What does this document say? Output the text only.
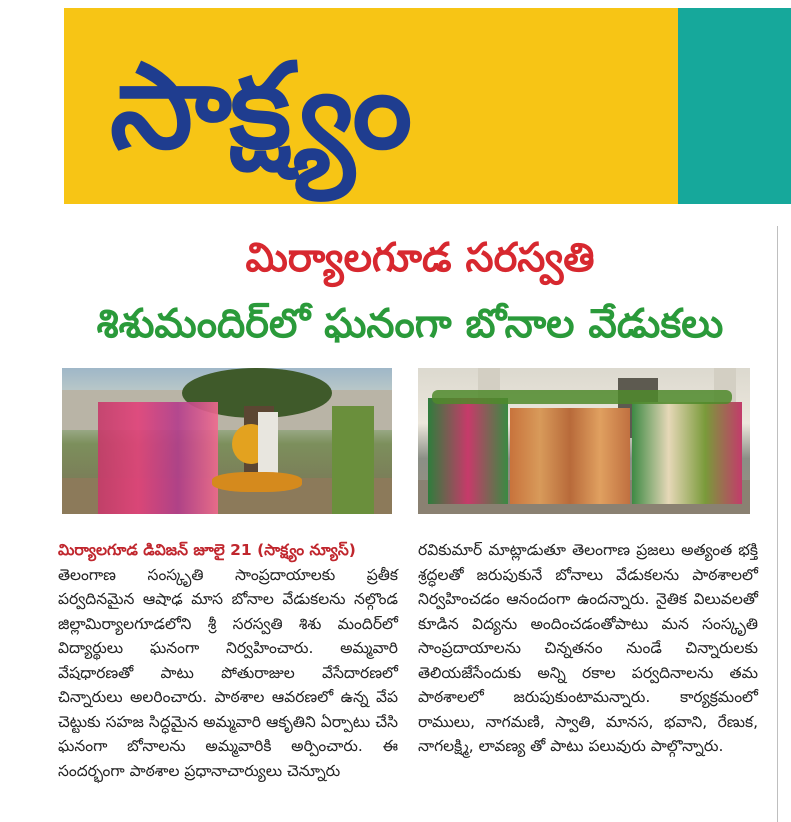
సాక్ష్యం
మిర్యాలగూడ సరస్వతి
శిశుమందిర్‌లో ఘనంగా బోనాల వేడుకలు
మిర్యాలగూడ డివిజన్ జూలై 21 (సాక్ష్యం న్యూస్)
తెలంగాణ సంస్కృతి సాంప్రదాయాలకు ప్రతీక పర్వదినమైన ఆషాఢ మాస బోనాల వేడుకలను నల్గొండ జిల్లామిర్యాలగూడలోని శ్రీ సరస్వతి శిశు మందిర్‌లో విద్యార్థులు ఘనంగా నిర్వహించారు. అమ్మవారి వేషధారణతో పాటు పోతురాజుల వేసేదారణలో చిన్నారులు అలరించారు. పాఠశాల ఆవరణలో ఉన్న వేప చెట్టుకు సహజ సిద్ధమైన అమ్మవారి ఆకృతిని ఏర్పాటు చేసి ఘనంగా బోనాలను అమ్మవారికి అర్పించారు. ఈ సందర్భంగా పాఠశాల ప్రధానాచార్యులు చెన్నూరు
రవికుమార్ మాట్లాడుతూ తెలంగాణ ప్రజలు అత్యంత భక్తి శ్రద్ధలతో జరుపుకునే బోనాలు వేడుకలను పాఠశాలలో నిర్వహించడం ఆనందంగా ఉందన్నారు. నైతిక విలువలతో కూడిన విద్యను అందించడంతోపాటు మన సంస్కృతి సాంప్రదాయాలను చిన్నతనం నుండే చిన్నారులకు తెలియజేసేందుకు అన్ని రకాల పర్వదినాలను తమ పాఠశాలలో జరుపుకుంటామన్నారు. కార్యక్రమంలో రాములు, నాగమణి, స్వాతి, మానస, భవాని, రేణుక, నాగలక్ష్మి, లావణ్య తో పాటు పలువురు పాల్గొన్నారు.
